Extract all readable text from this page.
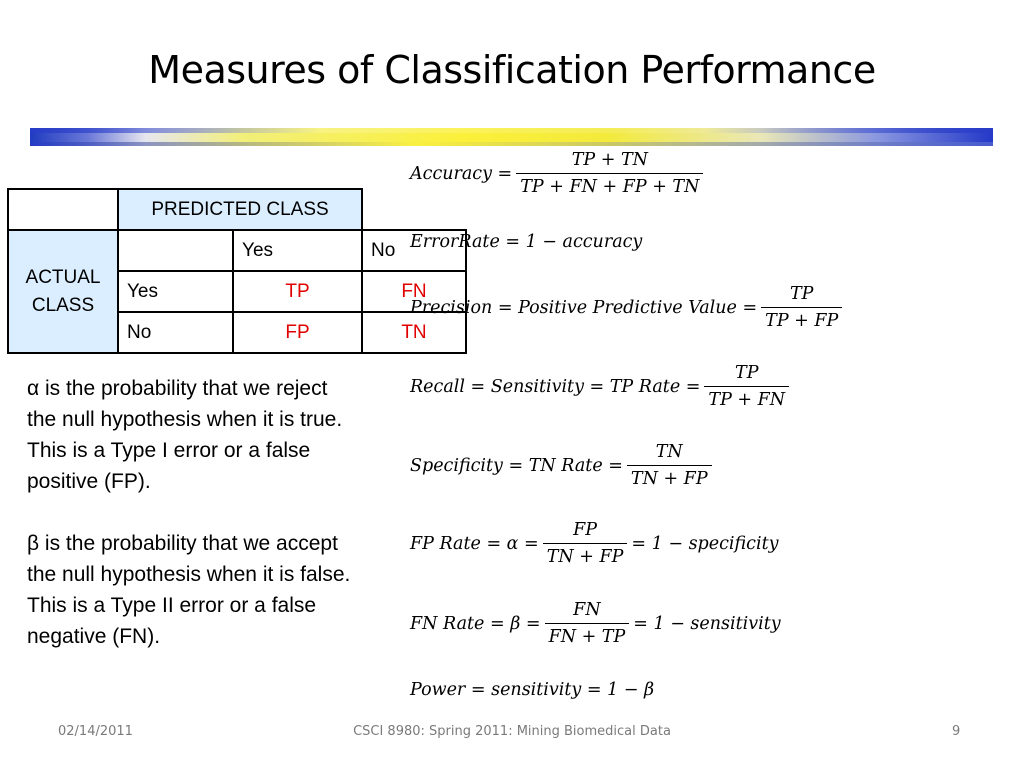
Measures of Classification Performance
	PREDICTED CLASS		
ACTUAL CLASS		Yes	No
	Yes	TP	FN
	No	FP	TN

α is the probability that we reject the null hypothesis when it is true. This is a Type I error or a false positive (FP).

β is the probability that we accept the null hypothesis when it is false. This is a Type II error or a false negative (FN).

Accuracy = $\frac{TP + TN}{TP + FN + FP + TN}$
ErrorRate = 1 − accuracy
Precision = Positive Predictive Value = $\frac{TP}{TP + FP}$
Recall = Sensitivity = TP Rate = $\frac{TP}{TP + FN}$
Specificity = TN Rate = $\frac{TN}{TN + FP}$
FP Rate = $\alpha = \frac{FP}{TN + FP} = 1$ − specificity
FN Rate = $\beta = \frac{FN}{FN + TP} = 1$ − sensitivity
Power = sensitivity = 1 − β
02/14/2011	CSCI 8980: Spring 2011: Mining Biomedical Data	9
